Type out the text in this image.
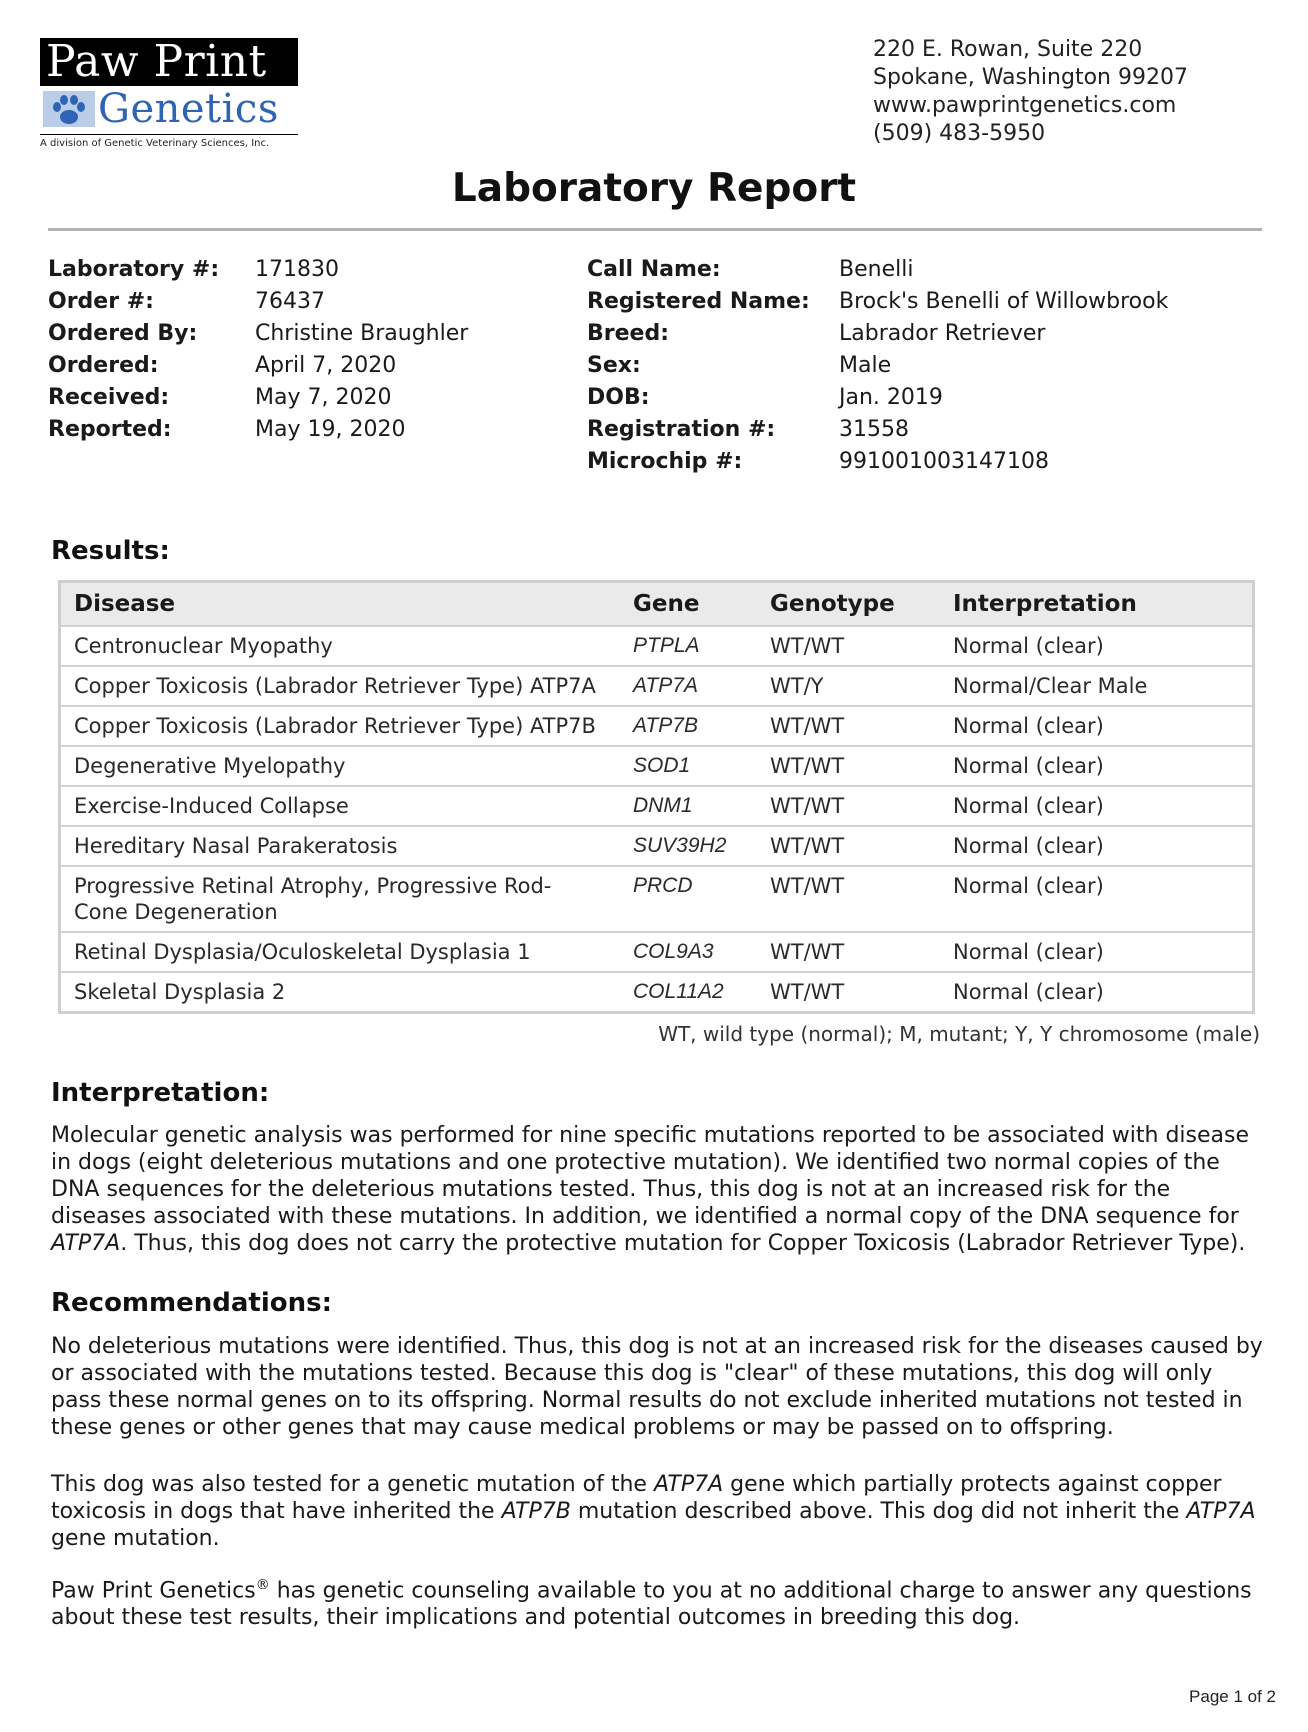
Paw Print
Genetics
A division of Genetic Veterinary Sciences, Inc.
220 E. Rowan, Suite 220
Spokane, Washington 99207
www.pawprintgenetics.com
(509) 483-5950
Laboratory Report
Laboratory #:	171830
Order #:	76437
Ordered By:	Christine Braughler
Ordered:	April 7, 2020
Received:	May 7, 2020
Reported:	May 19, 2020
Call Name:	Benelli
Registered Name:	Brock's Benelli of Willowbrook
Breed:	Labrador Retriever
Sex:	Male
DOB:	Jan. 2019
Registration #:	31558
Microchip #:	991001003147108
Results:
Disease	Gene	Genotype	Interpretation
Centronuclear Myopathy	PTPLA	WT/WT	Normal (clear)
Copper Toxicosis (Labrador Retriever Type) ATP7A	ATP7A	WT/Y	Normal/Clear Male
Copper Toxicosis (Labrador Retriever Type) ATP7B	ATP7B	WT/WT	Normal (clear)
Degenerative Myelopathy	SOD1	WT/WT	Normal (clear)
Exercise-Induced Collapse	DNM1	WT/WT	Normal (clear)
Hereditary Nasal Parakeratosis	SUV39H2	WT/WT	Normal (clear)
Progressive Retinal Atrophy, Progressive Rod-Cone Degeneration
PRCD	WT/WT	Normal (clear)
Retinal Dysplasia/Oculoskeletal Dysplasia 1	COL9A3	WT/WT	Normal (clear)
Skeletal Dysplasia 2	COL11A2	WT/WT	Normal (clear)
WT, wild type (normal); M, mutant; Y, Y chromosome (male)
Interpretation:
Molecular genetic analysis was performed for nine specific mutations reported to be associated with disease in dogs (eight deleterious mutations and one protective mutation). We identified two normal copies of the DNA sequences for the deleterious mutations tested. Thus, this dog is not at an increased risk for the diseases associated with these mutations. In addition, we identified a normal copy of the DNA sequence for ATP7A. Thus, this dog does not carry the protective mutation for Copper Toxicosis (Labrador Retriever Type).
Recommendations:
No deleterious mutations were identified. Thus, this dog is not at an increased risk for the diseases caused by or associated with the mutations tested. Because this dog is "clear" of these mutations, this dog will only pass these normal genes on to its offspring. Normal results do not exclude inherited mutations not tested in these genes or other genes that may cause medical problems or may be passed on to offspring.
This dog was also tested for a genetic mutation of the ATP7A gene which partially protects against copper toxicosis in dogs that have inherited the ATP7B mutation described above. This dog did not inherit the ATP7A gene mutation.
Paw Print Genetics® has genetic counseling available to you at no additional charge to answer any questions about these test results, their implications and potential outcomes in breeding this dog.
Page 1 of 2
